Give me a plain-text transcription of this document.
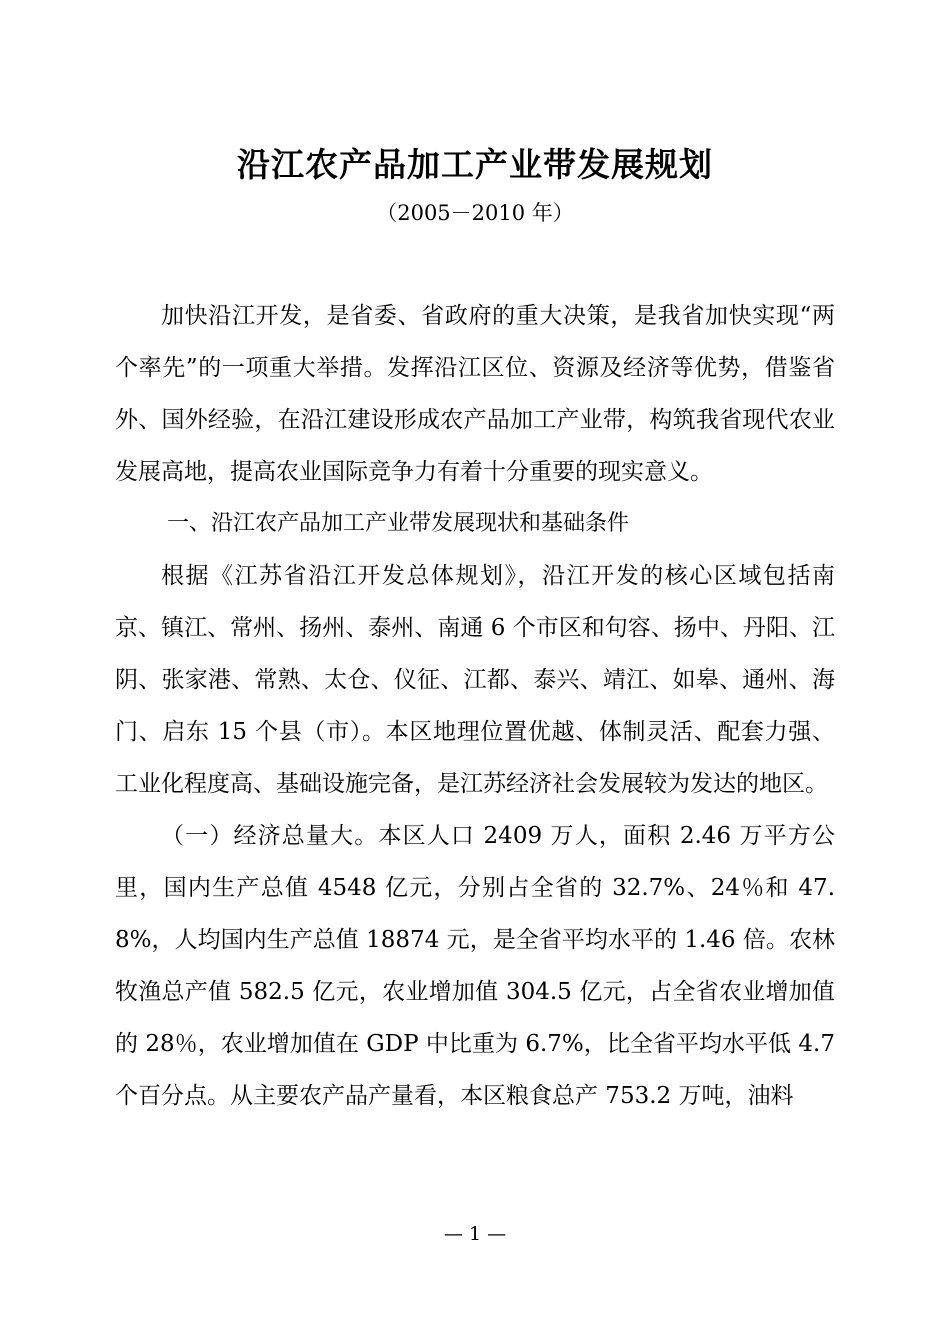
沿江农产品加工产业带发展规划
（2005－2010 年）

加快沿江开发，是省委、省政府的重大决策，是我省加快实现“两个率先”的一项重大举措。发挥沿江区位、资源及经济等优势，借鉴省外、国外经验，在沿江建设形成农产品加工产业带，构筑我省现代农业发展高地，提高农业国际竞争力有着十分重要的现实意义。

一、沿江农产品加工产业带发展现状和基础条件

根据《江苏省沿江开发总体规划》，沿江开发的核心区域包括南京、镇江、常州、扬州、泰州、南通 6 个市区和句容、扬中、丹阳、江阴、张家港、常熟、太仓、仪征、江都、泰兴、靖江、如皋、通州、海门、启东 15 个县（市）。本区地理位置优越、体制灵活、配套力强、工业化程度高、基础设施完备，是江苏经济社会发展较为发达的地区。

（一）经济总量大。本区人口 2409 万人，面积 2.46 万平方公里，国内生产总值 4548 亿元，分别占全省的 32.7%、24％和 47.8%，人均国内生产总值 18874 元，是全省平均水平的 1.46 倍。农林牧渔总产值 582.5 亿元，农业增加值 304.5 亿元，占全省农业增加值的 28％，农业增加值在 GDP 中比重为 6.7%，比全省平均水平低 4.7 个百分点。从主要农产品产量看，本区粮食总产 753.2 万吨，油料

— 1 —
